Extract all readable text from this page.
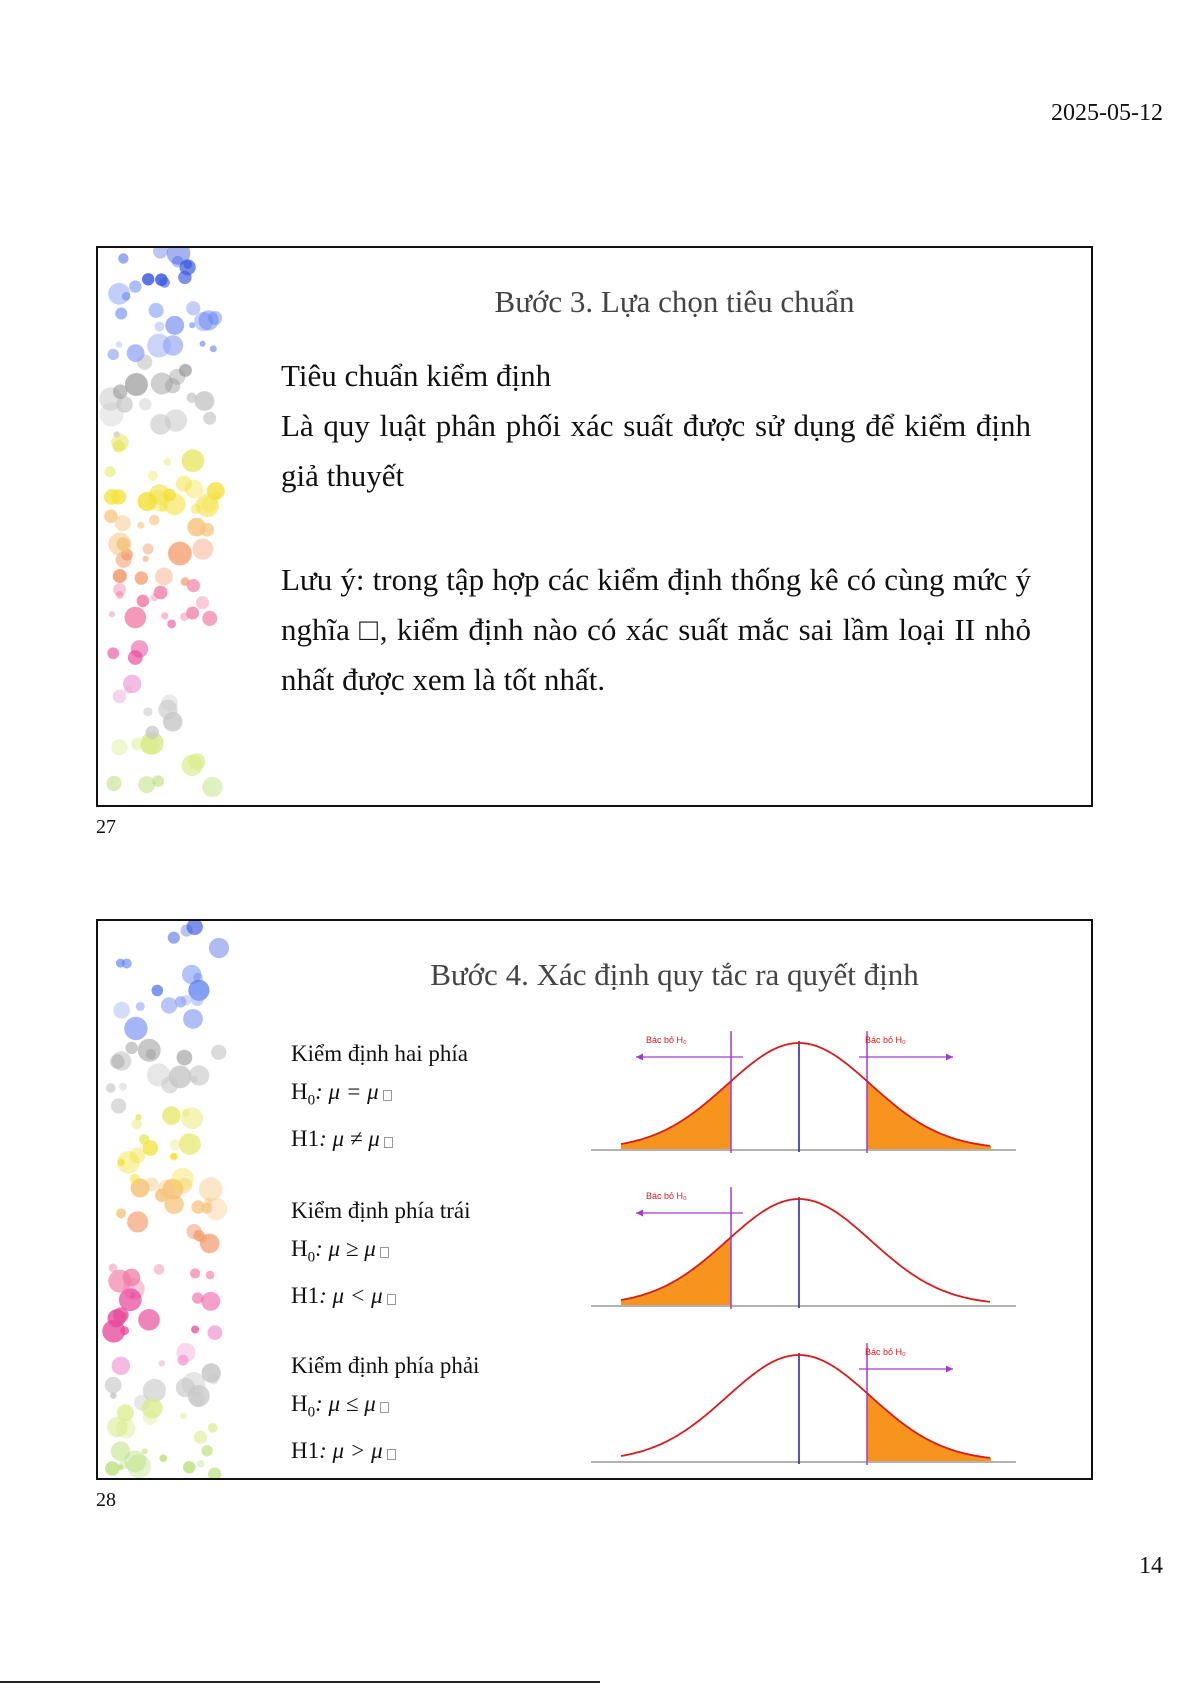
2025-05-12
Bước 3. Lựa chọn tiêu chuẩn
Tiêu chuẩn kiểm định
Là quy luật phân phối xác suất được sử dụng để kiểm định giả thuyết
Lưu ý: trong tập hợp các kiểm định thống kê có cùng mức ý nghĩa □, kiểm định nào có xác suất mắc sai lầm loại II nhỏ nhất được xem là tốt nhất.
27
Bước 4. Xác định quy tắc ra quyết định
Kiểm định hai phía
$H_0$: μ = μ
H1: μ ≠ μ
Kiểm định phía trái
$H_0$: μ ≥ μ
H1: μ < μ
Kiểm định phía phải
$H_0$: μ ≤ μ
H1: μ > μ
Bác bỏ H₀	Bác bỏ H₀
Bác bỏ H₀
Bác bỏ H₀
28
14
